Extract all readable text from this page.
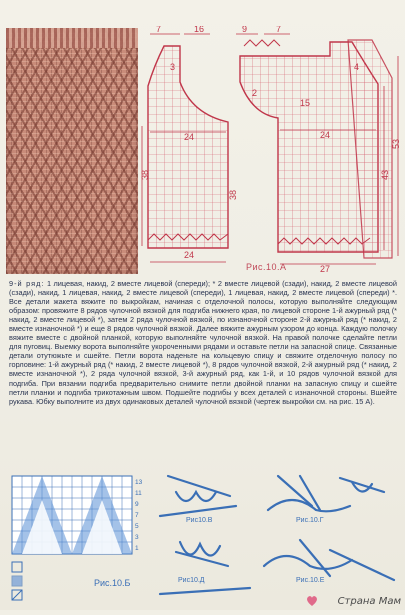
7	16	9	7
24	24
15
2
24
27
38
38
43
53
3	4
Рис.10.А
9-й ряд: 1 лицевая, накид, 2 вместе лицевой (спереди); * 2 вместе лицевой (сзади), накид, 2 вместе лицевой (сзади), накид, 1 лицевая, накид, 2 вместе лицевой (спереди), 1 лицевая, накид, 2 вместе лицевой (спереди) *. Все детали жакета вяжите по выкройкам, начиная с отделочной полосы, которую выполняйте следующим образом: провяжите 8 рядов чулочной вязкой для подгиба нижнего края, по лицевой стороне 1-й ажурный ряд (* накид, 2 вместе лицевой *), затем 2 ряда чулочной вязкой, по изнаночной стороне 2-й ажурный ряд (* накид, 2 вместе изнаночной *) и еще 8 рядов чулочной вязкой. Далее вяжите ажурным узором до конца. Каждую полочку вяжите вместе с двойной планкой, которую выполняйте чулочной вязкой. На правой полочке сделайте петли для пуговиц. Выемку ворота выполняйте укороченными рядами и оставьте петли на запасной спице. Связанные детали отутюжьте и сшейте. Петли ворота наденьте на кольцевую спицу и свяжите отделочную полосу по горловине: 1-й ажурный ряд (* накид, 2 вместе лицевой *), 8 рядов чулочной вязкой, 2-й ажурный ряд (* накид, 2 вместе изнаночной *), 2 ряда чулочной вязкой, 3-й ажурный ряд, как 1-й, и 10 рядов чулочной вязкой для подгиба. При вязании подгиба предварительно снимите петли двойной планки на запасную спицу и сшейте петли планки и подгиба трикотажным швом. Подшейте подгибы у всех деталей с изнаночной стороны. Вшейте рукава. Юбку выполните из двух одинаковых деталей чулочной вязкой (чертеж выкройки см. на рис. 15 А).
13
11
9
7
5
3
1
Рис.10.Б
Рис10.В	Рис.10.Г
Рис10.Д	Рис.10.Е
Страна Мам
